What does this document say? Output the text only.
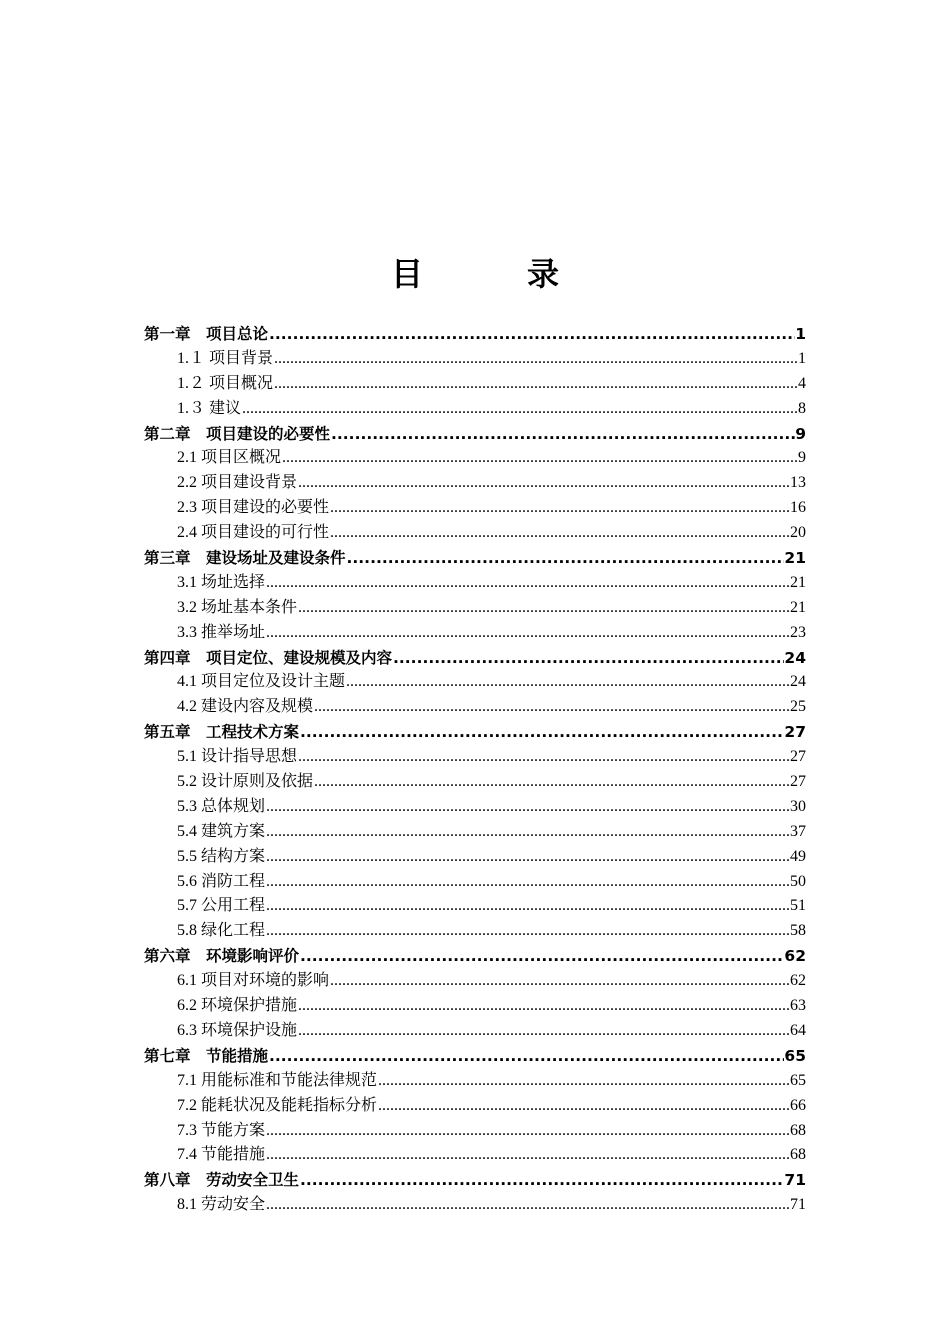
目　录
第一章　项目总论 .....	1
1.１ 项目背景 .....	1
1.２ 项目概况 .....	4
1.３ 建议 .....	8
第二章　项目建设的必要性 .....	9
2.1 项目区概况 .....	9
2.2 项目建设背景 .....	13
2.3 项目建设的必要性 .....	16
2.4 项目建设的可行性 .....	20
第三章　建设场址及建设条件 .....	21
3.1 场址选择 .....	21
3.2 场址基本条件 .....	21
3.3 推举场址 .....	23
第四章　项目定位、建设规模及内容 .....	24
4.1 项目定位及设计主题 .....	24
4.2 建设内容及规模 .....	25
第五章　工程技术方案 .....	27
5.1 设计指导思想 .....	27
5.2 设计原则及依据 .....	27
5.3 总体规划 .....	30
5.4 建筑方案 .....	37
5.5 结构方案 .....	49
5.6 消防工程 .....	50
5.7 公用工程 .....	51
5.8 绿化工程 .....	58
第六章　环境影响评价 .....	62
6.1 项目对环境的影响 .....	62
6.2 环境保护措施 .....	63
6.3 环境保护设施 .....	64
第七章　节能措施 .....	65
7.1 用能标准和节能法律规范 .....	65
7.2 能耗状况及能耗指标分析 .....	66
7.3 节能方案 .....	68
7.4 节能措施 .....	68
第八章　劳动安全卫生 .....	71
8.1 劳动安全 .....	71
